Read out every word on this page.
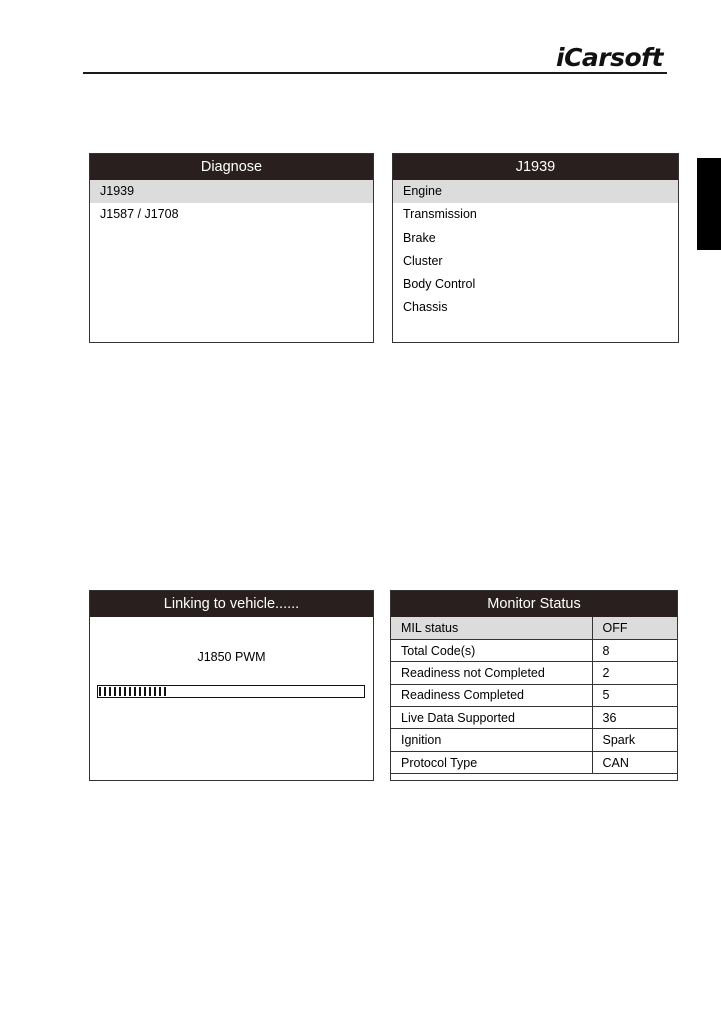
iCarsoft
Diagnose
J1939
J1587 / J1708
J1939
Engine
Transmission
Brake
Cluster
Body Control
Chassis
Linking to vehicle......
J1850 PWM
Monitor Status
MIL status	OFF
Total Code(s)	8
Readiness not Completed	2
Readiness Completed	5
Live Data Supported	36
Ignition	Spark
Protocol Type	CAN
